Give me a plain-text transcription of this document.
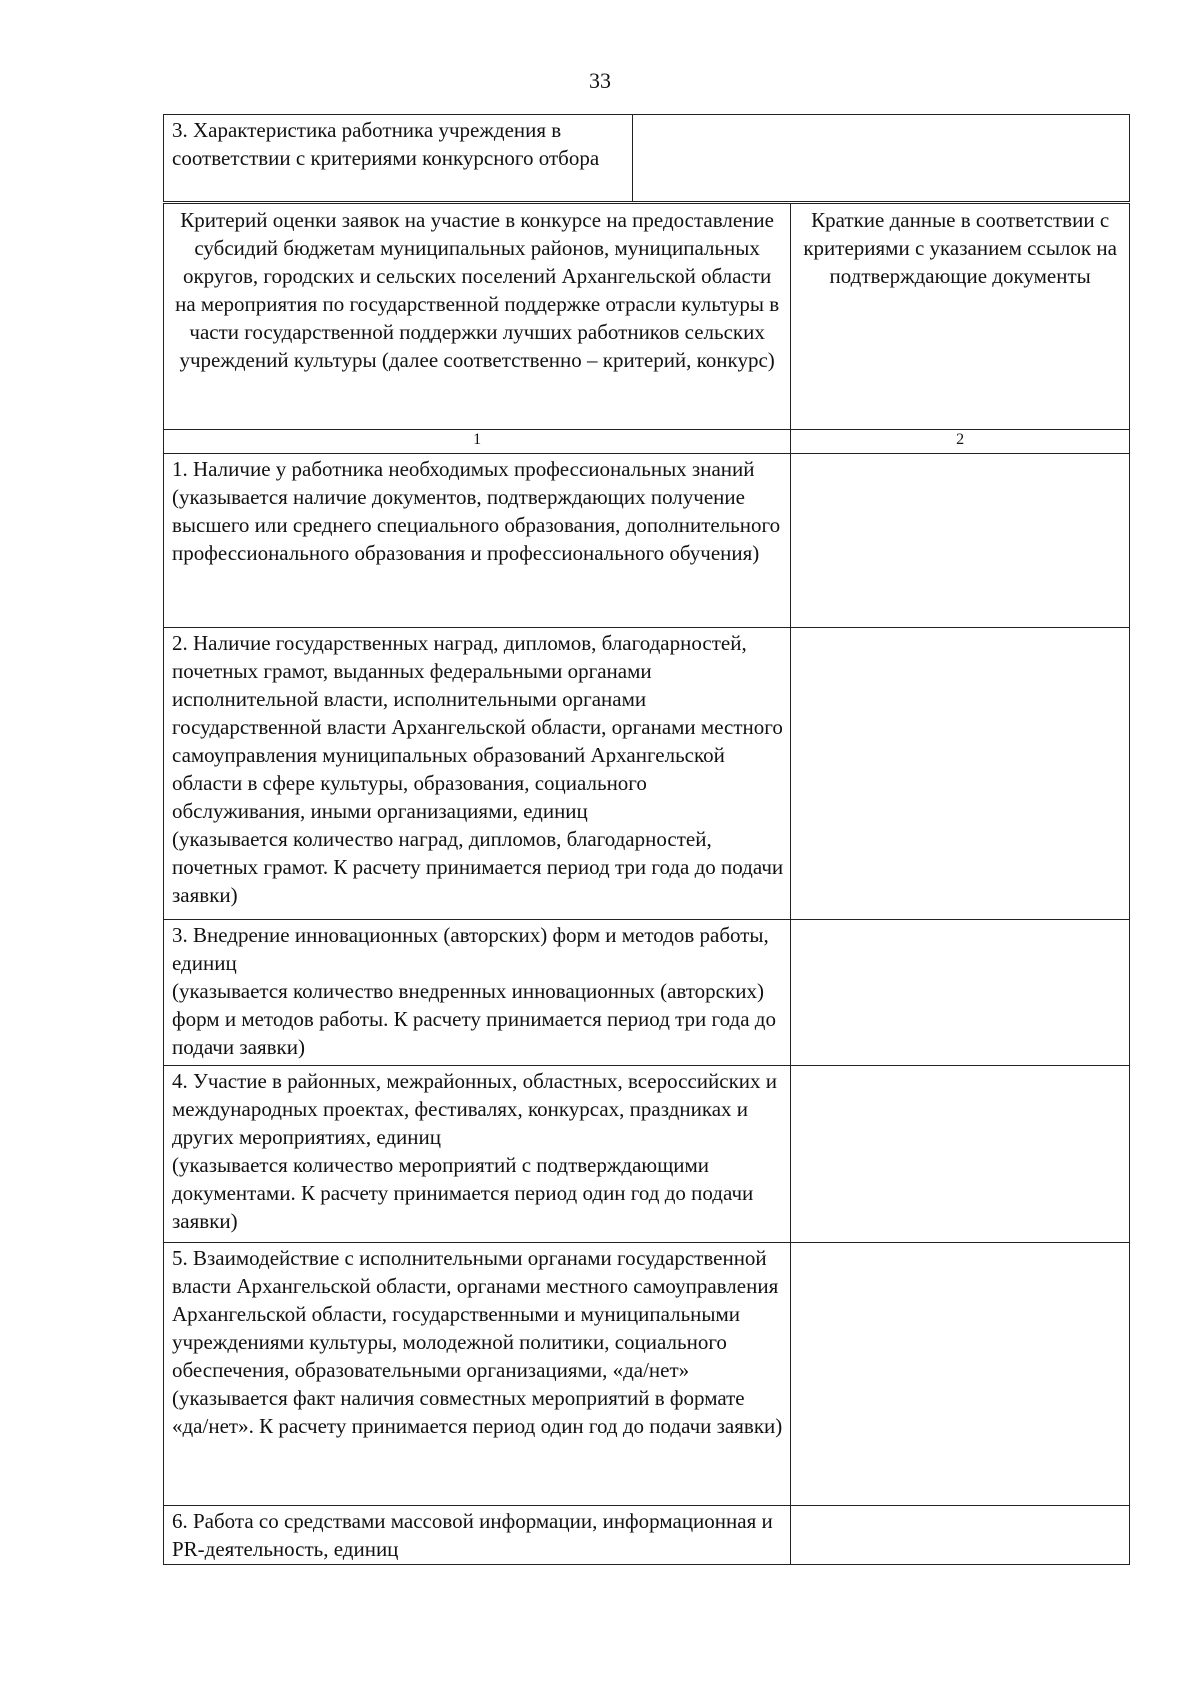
33
3. Характеристика работника учреждения в соответствии с критериями конкурсного отбора	
Критерий оценки заявок на участие в конкурсе на предоставление субсидий бюджетам муниципальных районов, муниципальных округов, городских и сельских поселений Архангельской области на мероприятия по государственной поддержке отрасли культуры в части государственной поддержки лучших работников сельских учреждений культуры (далее соответственно – критерий, конкурс)	Краткие данные в соответствии с критериями с указанием ссылок на подтверждающие документы
1	2
1. Наличие у работника необходимых профессиональных знаний
(указывается наличие документов, подтверждающих получение высшего или среднего специального образования, дополнительного профессионального образования и профессионального обучения)	
2. Наличие государственных наград, дипломов, благодарностей, почетных грамот, выданных федеральными органами исполнительной власти, исполнительными органами государственной власти Архангельской области, органами местного самоуправления муниципальных образований Архангельской области в сфере культуры, образования, социального обслуживания, иными организациями, единиц
(указывается количество наград, дипломов, благодарностей, почетных грамот. К расчету принимается период три года до подачи заявки)	
3. Внедрение инновационных (авторских) форм и методов работы, единиц
(указывается количество внедренных инновационных (авторских) форм и методов работы. К расчету принимается период три года до подачи заявки)	
4. Участие в районных, межрайонных, областных, всероссийских и международных проектах, фестивалях, конкурсах, праздниках и других мероприятиях, единиц
(указывается количество мероприятий с подтверждающими документами. К расчету принимается период один год до подачи заявки)	
5. Взаимодействие с исполнительными органами государственной власти Архангельской области, органами местного самоуправления Архангельской области, государственными и муниципальными учреждениями культуры, молодежной политики, социального обеспечения, образовательными организациями, «да/нет»
(указывается факт наличия совместных мероприятий в формате «да/нет». К расчету принимается период один год до подачи заявки)	
6. Работа со средствами массовой информации, информационная и PR-деятельность, единиц	
